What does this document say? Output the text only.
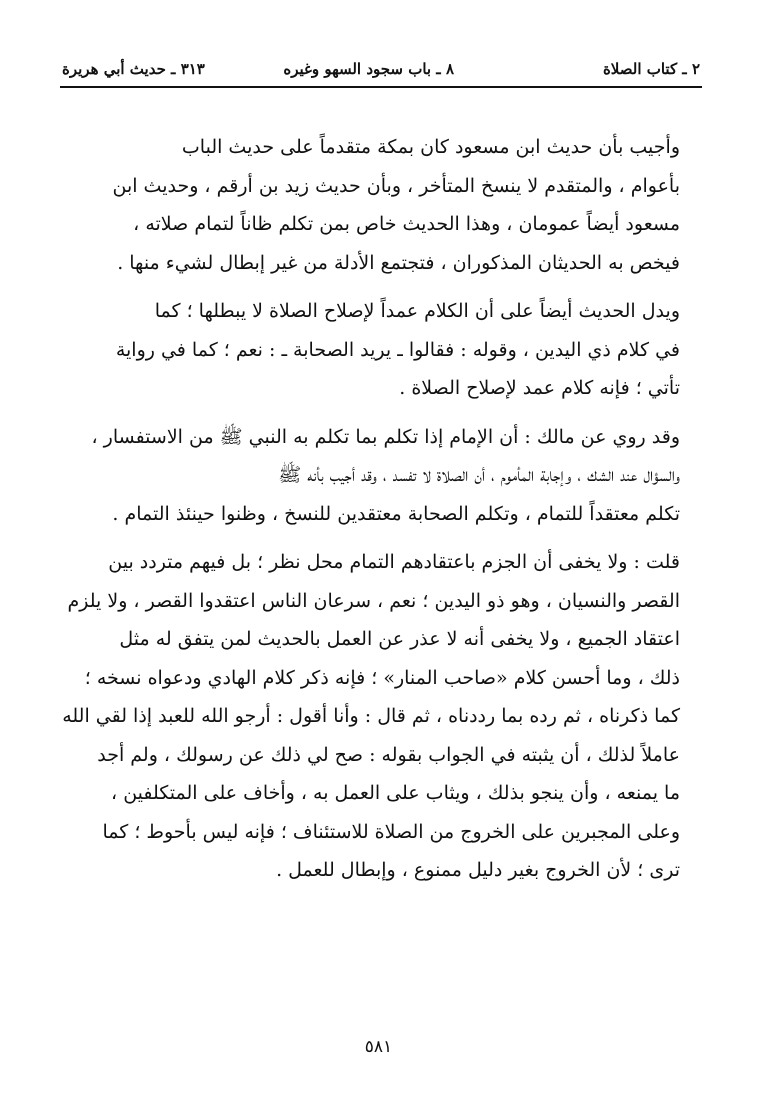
٢ ـ كتاب الصلاة
٨ ـ باب سجود السهو وغيره
٣١٣ ـ حديث أبي هريرة
وأجيب بأن حديث ابن مسعود كان بمكة متقدماً على حديث الباب
بأعوام ، والمتقدم لا ينسخ المتأخر ، وبأن حديث زيد بن أرقم ، وحديث ابن
مسعود أيضاً عمومان ، وهذا الحديث خاص بمن تكلم ظاناً لتمام صلاته ،
فيخص به الحديثان المذكوران ، فتجتمع الأدلة من غير إبطال لشيء منها .
ويدل الحديث أيضاً على أن الكلام عمداً لإصلاح الصلاة لا يبطلها ؛ كما
في كلام ذي اليدين ، وقوله : فقالوا ـ يريد الصحابة ـ : نعم ؛ كما في رواية
تأتي ؛ فإنه كلام عمد لإصلاح الصلاة .
وقد روي عن مالك : أن الإمام إذا تكلم بما تكلم به النبي ﷺ من الاستفسار ،
والسؤال عند الشك ، وإجابة المأموم ، أن الصلاة لا تفسد ، وقد أجيب بأنه ﷺ
تكلم معتقداً للتمام ، وتكلم الصحابة معتقدين للنسخ ، وظنوا حينئذ التمام .
قلت : ولا يخفى أن الجزم باعتقادهم التمام محل نظر ؛ بل فيهم متردد بين
القصر والنسيان ، وهو ذو اليدين ؛ نعم ، سرعان الناس اعتقدوا القصر ، ولا يلزم
اعتقاد الجميع ، ولا يخفى أنه لا عذر عن العمل بالحديث لمن يتفق له مثل
ذلك ، وما أحسن كلام «صاحب المنار» ؛ فإنه ذكر كلام الهادي ودعواه نسخه ؛
كما ذكرناه ، ثم رده بما رددناه ، ثم قال : وأنا أقول : أرجو الله للعبد إذا لقي الله
عاملاً لذلك ، أن يثبته في الجواب بقوله : صح لي ذلك عن رسولك ، ولم أجد
ما يمنعه ، وأن ينجو بذلك ، ويثاب على العمل به ، وأخاف على المتكلفين ،
وعلى المجبرين على الخروج من الصلاة للاستئناف ؛ فإنه ليس بأحوط ؛ كما
ترى ؛ لأن الخروج بغير دليل ممنوع ، وإبطال للعمل .
٥٨١
